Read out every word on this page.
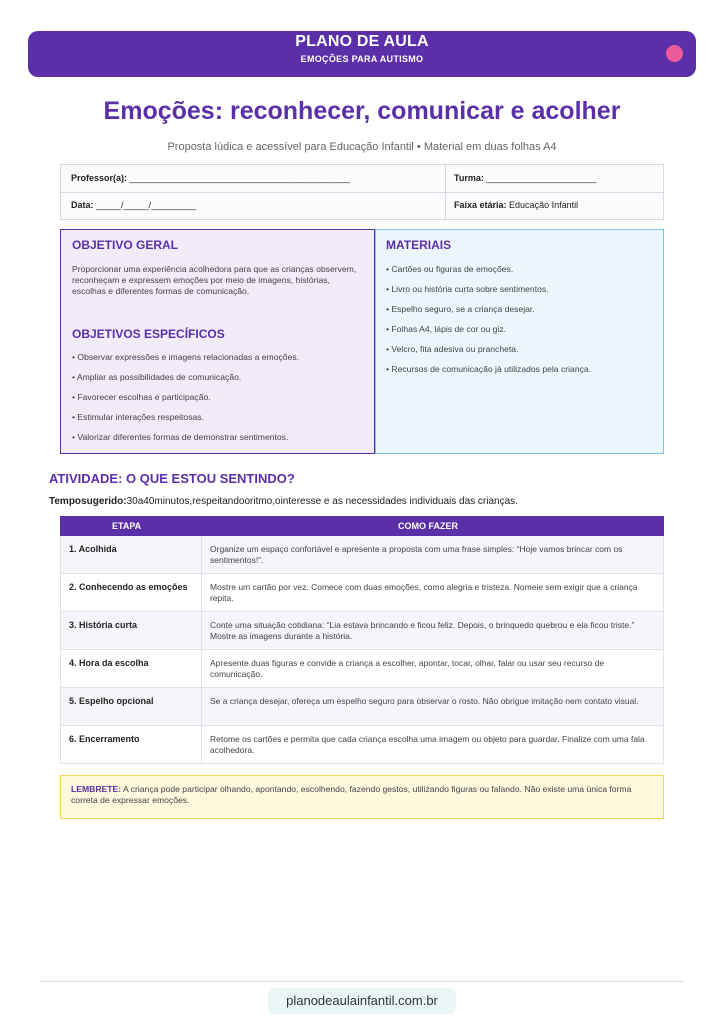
PLANO DE AULA
EMOÇÕES PARA AUTISMO
Emoções: reconhecer, comunicar e acolher
Proposta lúdica e acessível para Educação Infantil • Material em duas folhas A4
Professor(a): ____________________________________________	Turma: ______________________
Data: _____/_____/_________	Faixa etária: Educação Infantil
OBJETIVO GERAL
Proporcionar uma experiência acolhedora para que as crianças observem, reconheçam e expressem emoções por meio de imagens, histórias, escolhas e diferentes formas de comunicação.
OBJETIVOS ESPECÍFICOS
• Observar expressões e imagens relacionadas a emoções.
• Ampliar as possibilidades de comunicação.
• Favorecer escolhas e participação.
• Estimular interações respeitosas.
• Valorizar diferentes formas de demonstrar sentimentos.
MATERIAIS
• Cartões ou figuras de emoções.
• Livro ou história curta sobre sentimentos.
• Espelho seguro, se a criança desejar.
• Folhas A4, lápis de cor ou giz.
• Velcro, fita adesiva ou prancheta.
• Recursos de comunicação já utilizados pela criança.
ATIVIDADE: O QUE ESTOU SENTINDO?
Temposugerido:30a40minutos,respeitandooritmo,ointeresse e as necessidades individuais das crianças.
ETAPA	COMO FAZER
1. Acolhida	Organize um espaço confortável e apresente a proposta com uma frase simples: “Hoje vamos brincar com os sentimentos!”.
2. Conhecendo as emoções	Mostre um cartão por vez. Comece com duas emoções, como alegria e tristeza. Nomeie sem exigir que a criança repita.
3. História curta	Conte uma situação cotidiana: “Lia estava brincando e ficou feliz. Depois, o brinquedo quebrou e ela ficou triste.” Mostre as imagens durante a história.
4. Hora da escolha	Apresente duas figuras e convide a criança a escolher, apontar, tocar, olhar, falar ou usar seu recurso de comunicação.
5. Espelho opcional	Se a criança desejar, ofereça um espelho seguro para observar o rosto. Não obrigue imitação nem contato visual.
6. Encerramento	Retome os cartões e permita que cada criança escolha uma imagem ou objeto para guardar. Finalize com uma fala acolhedora.
LEMBRETE: A criança pode participar olhando, apontando, escolhendo, fazendo gestos, utilizando figuras ou falando. Não existe uma única forma correta de expressar emoções.
planodeaulainfantil.com.br
